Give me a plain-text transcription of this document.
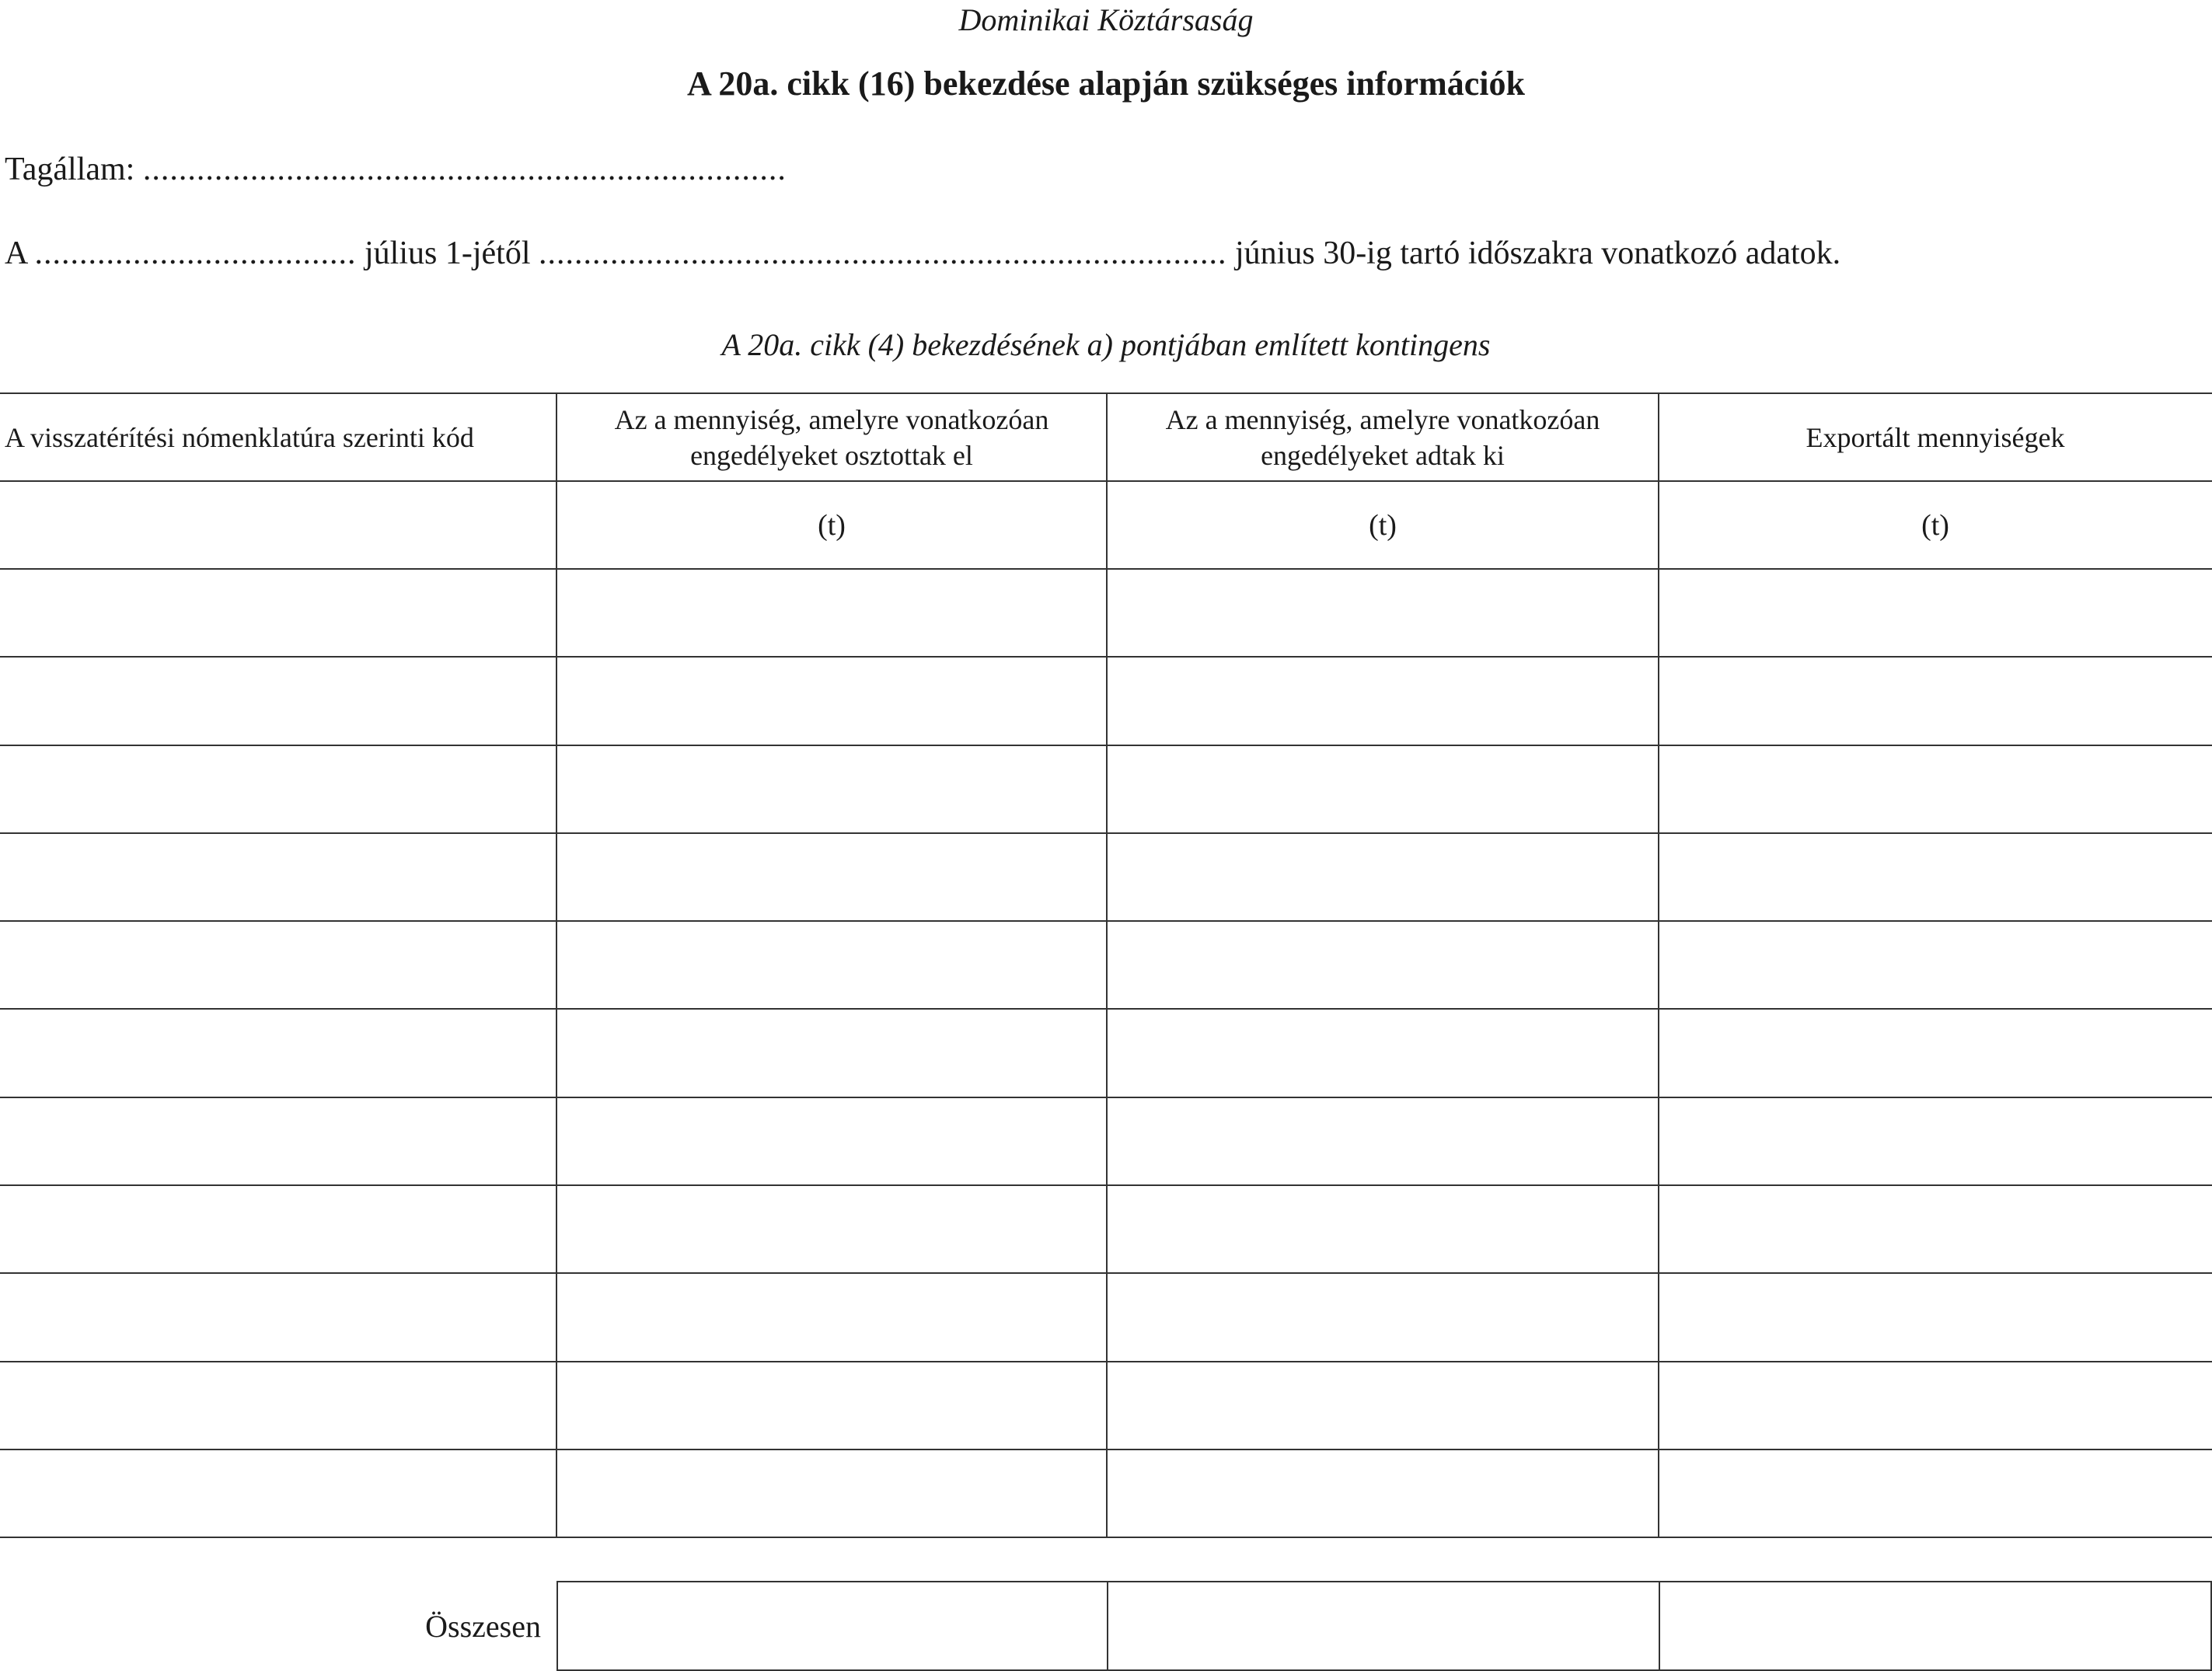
Dominikai Köztársaság
A 20a. cikk (16) bekezdése alapján szükséges információk
Tagállam: ........................................................................
A .................................... július 1-jétől ............................................................................. június 30-ig tartó időszakra vonatkozó adatok.
A 20a. cikk (4) bekezdésének a) pontjában említett kontingens
A visszatérítési nómenklatúra szerinti kód
Az a mennyiség, amelyre vonatkozóan engedélyeket osztottak el
Az a mennyiség, amelyre vonatkozóan engedélyeket adtak ki
Exportált mennyiségek
(t)	(t)	(t)
Összesen
